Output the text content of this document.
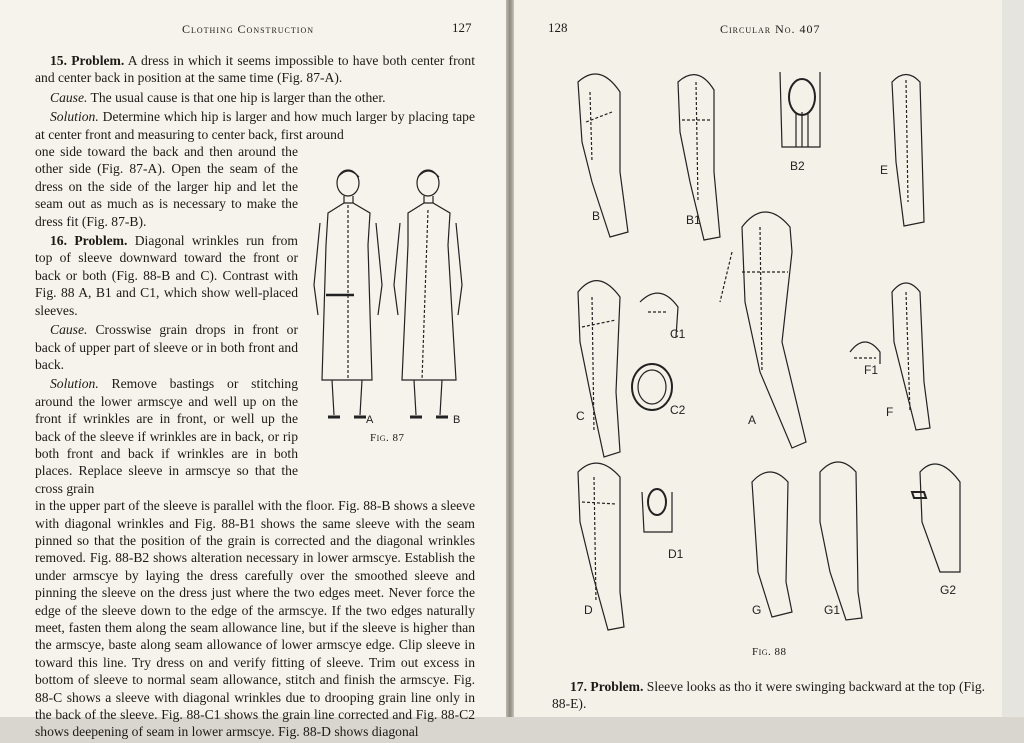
Clothing Construction	127

15. Problem. A dress in which it seems impossible to have both center front and center back in position at the same time (Fig. 87-A).

Cause. The usual cause is that one hip is larger than the other.

Solution. Determine which hip is larger and how much larger by placing tape at center front and measuring to center back, first around

one side toward the back and then around the other side (Fig. 87-A). Open the seam of the dress on the side of the larger hip and let the seam out as much as is necessary to make the dress fit (Fig. 87-B).

16. Problem. Diagonal wrinkles run from top of sleeve downward toward the front or back or both (Fig. 88-B and C). Contrast with Fig. 88 A, B1 and C1, which show well-placed sleeves.

Cause. Crosswise grain drops in front or back of upper part of sleeve or in both front and back.

Solution. Remove bastings or stitching around the lower armscye and well up on the front if wrinkles are in front, or well up the back of the sleeve if wrinkles are in back, or rip both front and back if wrinkles are in both places. Replace sleeve in armscye so that the cross grain

in the upper part of the sleeve is parallel with the floor. Fig. 88-B shows a sleeve with diagonal wrinkles and Fig. 88-B1 shows the same sleeve with the seam pinned so that the position of the grain is corrected and the diagonal wrinkles removed. Fig. 88-B2 shows alteration necessary in lower armscye. Establish the under armscye by laying the dress carefully over the smoothed sleeve and pinning the sleeve on the dress just where the two edges meet. Never force the edge of the sleeve down to the edge of the armscye. If the two edges naturally meet, fasten them along the seam allowance line, but if the sleeve is higher than the armscye, baste along seam allowance of lower armscye edge. Clip sleeve in toward this line. Try dress on and verify fitting of sleeve. Trim out excess in bottom of sleeve to normal seam allowance, stitch and finish the armscye. Fig. 88-C shows a sleeve with diagonal wrinkles due to drooping grain line only in the back of the sleeve. Fig. 88-C1 shows the grain line corrected and Fig. 88-C2 shows deepening of seam in lower armscye. Fig. 88-D shows diagonal

A	B
Fig. 87
128	Circular No. 407
B	B1
B2	E
C
C1
C2
A
F1
F
D
D1
G	G1
G2
Fig. 88

17. Problem. Sleeve looks as tho it were swinging backward at the top (Fig. 88-E).
